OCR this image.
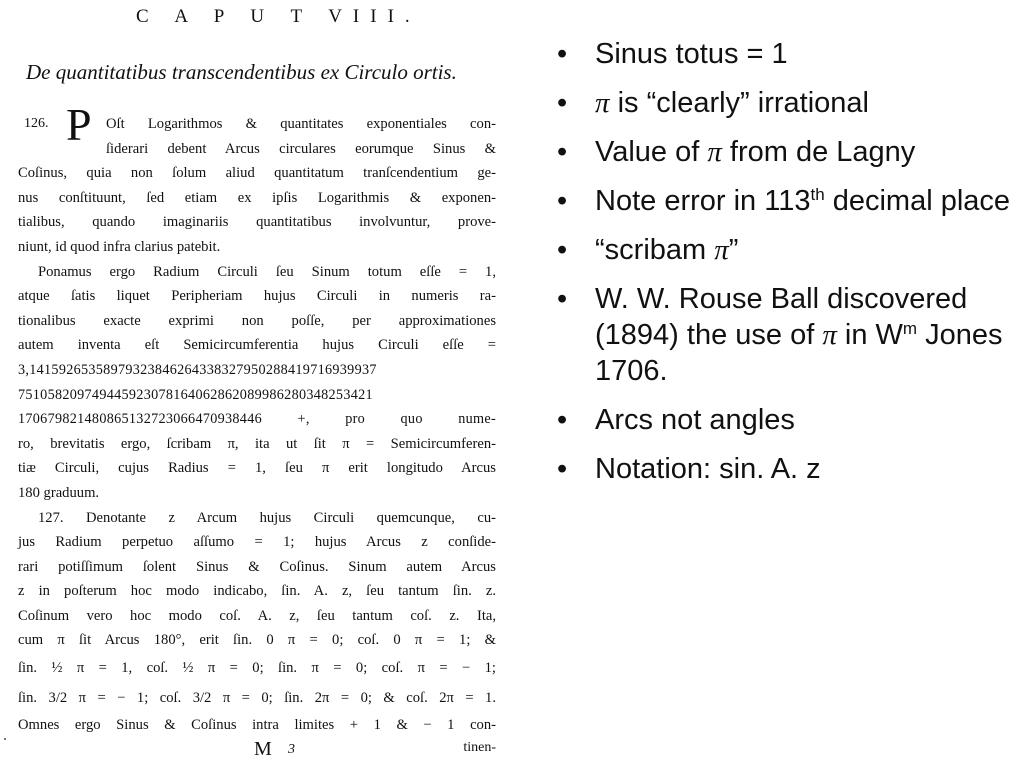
C A P U T VIII.
De quantitatibus transcendentibus ex Circulo ortis.
126. P Oſt Logarithmos & quantitates exponentiales con-
ſiderari debent Arcus circulares eorumque Sinus &
Coſinus, quia non ſolum aliud quantitatum tranſcendentium ge-
nus conſtituunt, ſed etiam ex ipſis Logarithmis & exponen-
tialibus, quando imaginariis quantitatibus involvuntur, prove-
niunt, id quod infra clarius patebit.
Ponamus ergo Radium Circuli ſeu Sinum totum eſſe = 1,
atque ſatis liquet Peripheriam hujus Circuli in numeris ra-
tionalibus exacte exprimi non poſſe, per approximationes
autem inventa eſt Semicircumferentia hujus Circuli eſſe =
3,14159265358979323846264338327950288419716939937
751058209749445923078164062862089986280348253421
170679821480865132723066470938446 +, pro quo nume-
ro, brevitatis ergo, ſcribam π, ita ut ſit π = Semicircumferen-
tiæ Circuli, cujus Radius = 1, ſeu π erit longitudo Arcus
180 graduum.
127. Denotante z Arcum hujus Circuli quemcunque, cu-
jus Radium perpetuo aſſumo = 1; hujus Arcus z conſide-
rari potiſſimum ſolent Sinus & Coſinus. Sinum autem Arcus
z in poſterum hoc modo indicabo, ſin. A. z, ſeu tantum ſin. z.
Coſinum vero hoc modo coſ. A. z, ſeu tantum coſ. z. Ita,
cum π ſit Arcus 180°, erit ſin. 0 π = 0; coſ. 0 π = 1; &
ſin. ½ π = 1, coſ. ½ π = 0; ſin. π = 0; coſ. π = − 1;
ſin. 3/2 π = − 1; coſ. 3/2 π = 0; ſin. 2π = 0; & coſ. 2π = 1.
Omnes ergo Sinus & Coſinus intra limites + 1 & − 1 con-
M 3	tinen-
• Sinus totus = 1
• π is “clearly” irrational
• Value of π from de Lagny
• Note error in 113th decimal place
• “scribam π”
• W. W. Rouse Ball discovered (1894) the use of π in $W^m$ Jones 1706.
• Arcs not angles
• Notation: sin. A. z
